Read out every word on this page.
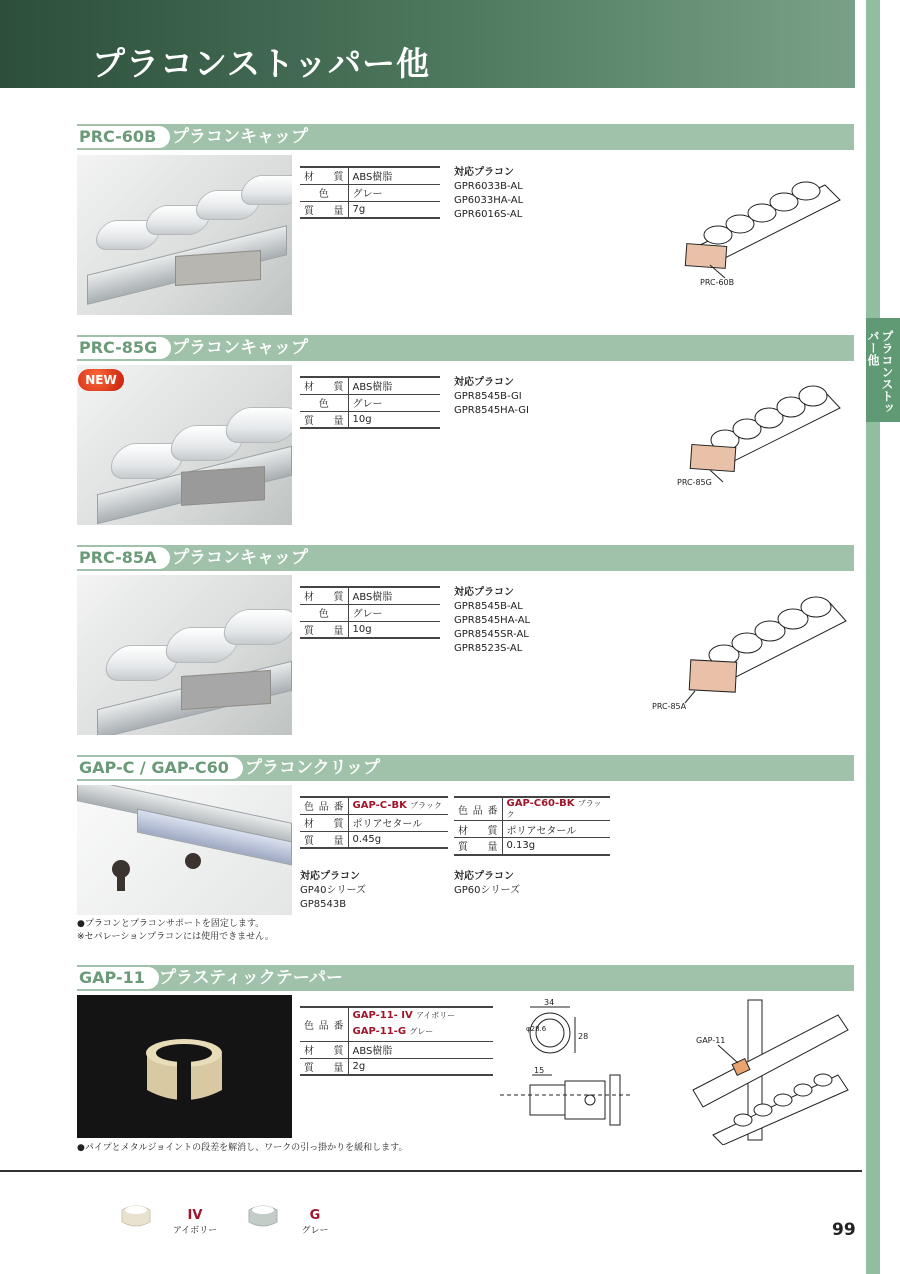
プラコンストッパー他
プラコンストッパー他
PRC-60B プラコンキャップ
材　質	ABS樹脂
色	グレー
質　量	7g
対応プラコン
GPR6033B-AL
GP6033HA-AL
GPR6016S-AL
PRC-60B
PRC-85G プラコンキャップ
NEW
材　質	ABS樹脂
色	グレー
質　量	10g
対応プラコン
GPR8545B-GI
GPR8545HA-GI
PRC-85G
PRC-85A プラコンキャップ
材　質	ABS樹脂
色	グレー
質　量	10g
対応プラコン
GPR8545B-AL
GPR8545HA-AL
GPR8545SR-AL
GPR8523S-AL
PRC-85A
GAP-C / GAP-C60 プラコンクリップ
色品番	GAP-C-BK ブラック
材　質	ポリアセタール
質　量	0.45g
色品番	GAP-C60-BK ブラック
材　質	ポリアセタール
質　量	0.13g
対応プラコン
GP40シリーズ
GP8543B
対応プラコン
GP60シリーズ
●プラコンとプラコンサポートを固定します。
※セパレーションプラコンには使用できません。
GAP-11 プラスティックテーパー
色品番	GAP-11- IV アイボリー
GAP-11-G グレー

材　質	ABS樹脂
質　量	2g
34
28
φ28.6
15
GAP-11
●パイプとメタルジョイントの段差を解消し、ワークの引っ掛かりを緩和します。
IV
アイボリー
G
グレー	99
